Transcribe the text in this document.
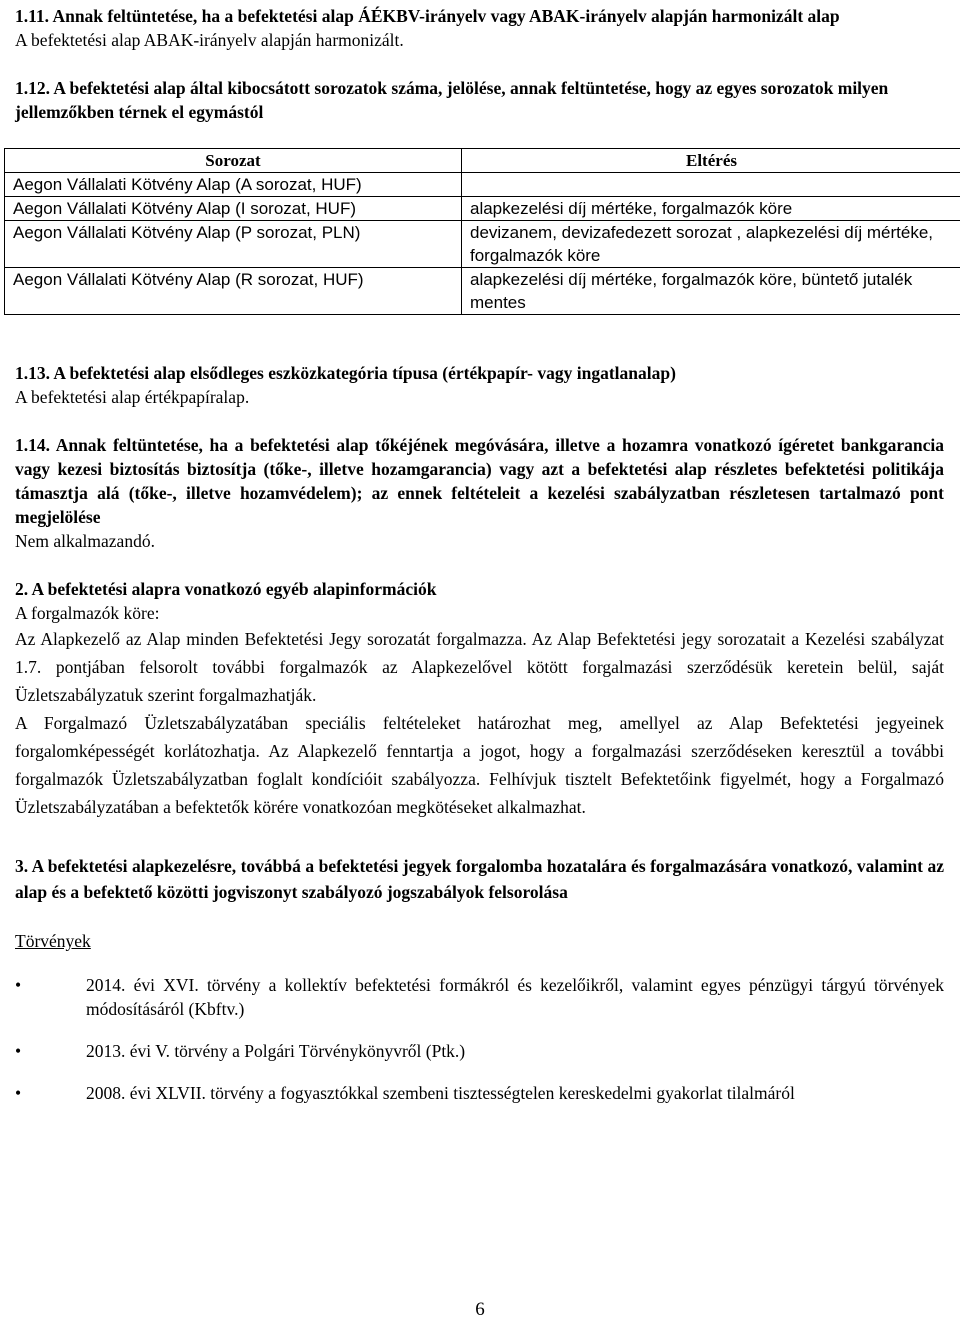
1.11. Annak feltüntetése, ha a befektetési alap ÁÉKBV-irányelv vagy ABAK-irányelv alapján harmonizált alap

A befektetési alap ABAK-irányelv alapján harmonizált.

1.12. A befektetési alap által kibocsátott sorozatok száma, jelölése, annak feltüntetése, hogy az egyes sorozatok milyen jellemzőkben térnek el egymástól

Sorozat	Eltérés
Aegon Vállalati Kötvény Alap (A sorozat, HUF)	
Aegon Vállalati Kötvény Alap (I sorozat, HUF)	alapkezelési díj mértéke, forgalmazók köre
Aegon Vállalati Kötvény Alap (P sorozat, PLN)	devizanem, devizafedezett sorozat , alapkezelési díj mértéke, forgalmazók köre
Aegon Vállalati Kötvény Alap (R sorozat, HUF)	alapkezelési díj mértéke, forgalmazók köre, büntető jutalék mentes

1.13. A befektetési alap elsődleges eszközkategória típusa (értékpapír- vagy ingatlanalap)

A befektetési alap értékpapíralap.

1.14. Annak feltüntetése, ha a befektetési alap tőkéjének megóvására, illetve a hozamra vonatkozó ígéretet bankgarancia vagy kezesi biztosítás biztosítja (tőke-, illetve hozamgarancia) vagy azt a befektetési alap részletes befektetési politikája támasztja alá (tőke-, illetve hozamvédelem); az ennek feltételeit a kezelési szabályzatban részletesen tartalmazó pont megjelölése

Nem alkalmazandó.

2. A befektetési alapra vonatkozó egyéb alapinformációk

A forgalmazók köre:

Az Alapkezelő az Alap minden Befektetési Jegy sorozatát forgalmazza. Az Alap Befektetési jegy sorozatait a Kezelési szabályzat 1.7. pontjában felsorolt további forgalmazók az Alapkezelővel kötött forgalmazási szerződésük keretein belül, saját Üzletszabályzatuk szerint forgalmazhatják.

A Forgalmazó Üzletszabályzatában speciális feltételeket határozhat meg, amellyel az Alap Befektetési jegyeinek forgalomképességét korlátozhatja. Az Alapkezelő fenntartja a jogot, hogy a forgalmazási szerződéseken keresztül a további forgalmazók Üzletszabályzatban foglalt kondícióit szabályozza. Felhívjuk tisztelt Befektetőink figyelmét, hogy a Forgalmazó Üzletszabályzatában a befektetők körére vonatkozóan megkötéseket alkalmazhat.

3. A befektetési alapkezelésre, továbbá a befektetési jegyek forgalomba hozatalára és forgalmazására vonatkozó, valamint az alap és a befektető közötti jogviszonyt szabályozó jogszabályok felsorolása

Törvények

• 2014. évi XVI. törvény a kollektív befektetési formákról és kezelőikről, valamint egyes pénzügyi tárgyú törvények módosításáról (Kbftv.)
• 2013. évi V. törvény a Polgári Törvénykönyvről (Ptk.)
• 2008. évi XLVII. törvény a fogyasztókkal szembeni tisztességtelen kereskedelmi gyakorlat tilalmáról
6
